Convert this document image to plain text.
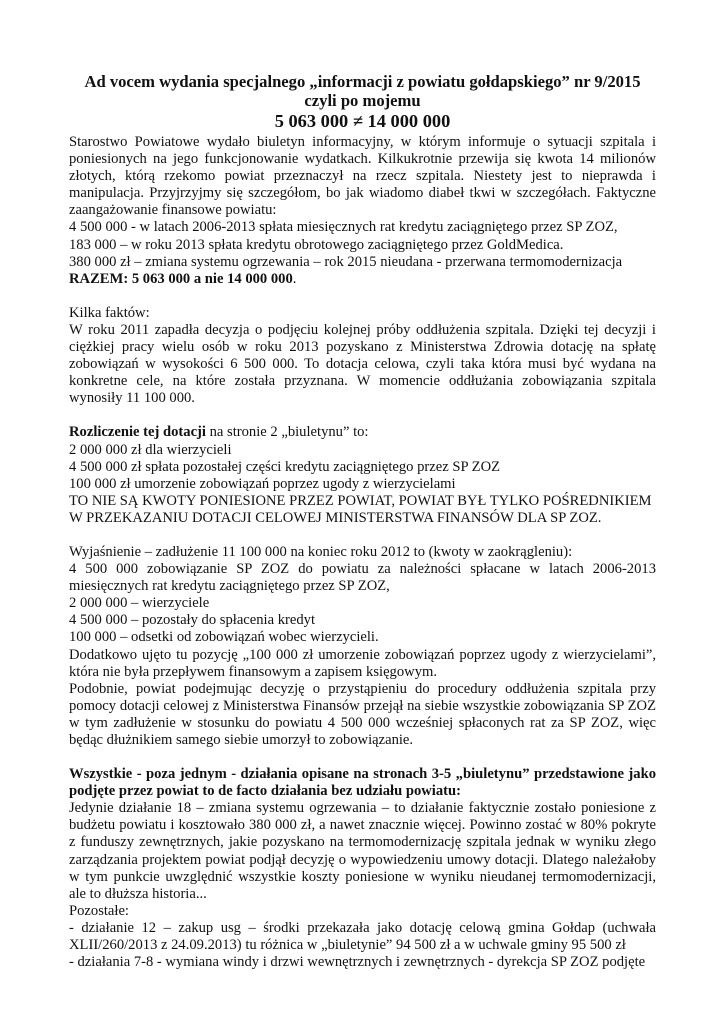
Ad vocem wydania specjalnego „informacji z powiatu gołdapskiego” nr 9/2015
czyli po mojemu
5 063 000 ≠ 14 000 000
Starostwo Powiatowe wydało biuletyn informacyjny, w którym informuje o sytuacji szpitala i poniesionych na jego funkcjonowanie wydatkach. Kilkukrotnie przewija się kwota 14 milionów złotych, którą rzekomo powiat przeznaczył na rzecz szpitala. Niestety jest to nieprawda i manipulacja. Przyjrzyjmy się szczegółom, bo jak wiadomo diabeł tkwi w szczegółach. Faktyczne zaangażowanie finansowe powiatu:
4 500 000 - w latach 2006-2013 spłata miesięcznych rat kredytu zaciągniętego przez SP ZOZ,
183 000 – w roku 2013 spłata kredytu obrotowego zaciągniętego przez GoldMedica.
380 000 zł – zmiana systemu ogrzewania – rok 2015 nieudana - przerwana termomodernizacja
RAZEM: 5 063 000 a nie 14 000 000.
Kilka faktów:
W roku 2011 zapadła decyzja o podjęciu kolejnej próby oddłużenia szpitala. Dzięki tej decyzji i ciężkiej pracy wielu osób w roku 2013 pozyskano z Ministerstwa Zdrowia dotację na spłatę zobowiązań w wysokości 6 500 000. To dotacja celowa, czyli taka która musi być wydana na konkretne cele, na które została przyznana. W momencie oddłużania zobowiązania szpitala wynosiły 11 100 000.
Rozliczenie tej dotacji na stronie 2 „biuletynu” to:
2 000 000 zł dla wierzycieli
4 500 000 zł spłata pozostałej części kredytu zaciągniętego przez SP ZOZ
100 000 zł umorzenie zobowiązań poprzez ugody z wierzycielami
TO NIE SĄ KWOTY PONIESIONE PRZEZ POWIAT, POWIAT BYŁ TYLKO POŚREDNIKIEM W PRZEKAZANIU DOTACJI CELOWEJ MINISTERSTWA FINANSÓW DLA SP ZOZ.
Wyjaśnienie – zadłużenie 11 100 000 na koniec roku 2012 to (kwoty w zaokrągleniu):
4 500 000 zobowiązanie SP ZOZ do powiatu za należności spłacane w latach 2006-2013 miesięcznych rat kredytu zaciągniętego przez SP ZOZ,
2 000 000 – wierzyciele
4 500 000 – pozostały do spłacenia kredyt
100 000 – odsetki od zobowiązań wobec wierzycieli.
Dodatkowo ujęto tu pozycję „100 000 zł umorzenie zobowiązań poprzez ugody z wierzycielami”, która nie była przepływem finansowym a zapisem księgowym.
Podobnie, powiat podejmując decyzję o przystąpieniu do procedury oddłużenia szpitala przy pomocy dotacji celowej z Ministerstwa Finansów przejął na siebie wszystkie zobowiązania SP ZOZ w tym zadłużenie w stosunku do powiatu 4 500 000 wcześniej spłaconych rat za SP ZOZ, więc będąc dłużnikiem samego siebie umorzył to zobowiązanie.
Wszystkie - poza jednym - działania opisane na stronach 3-5 „biuletynu” przedstawione jako podjęte przez powiat to de facto działania bez udziału powiatu:
Jedynie działanie 18 – zmiana systemu ogrzewania – to działanie faktycznie zostało poniesione z budżetu powiatu i kosztowało 380 000 zł, a nawet znacznie więcej. Powinno zostać w 80% pokryte z funduszy zewnętrznych, jakie pozyskano na termomodernizację szpitala jednak w wyniku złego zarządzania projektem powiat podjął decyzję o wypowiedzeniu umowy dotacji. Dlatego należałoby w tym punkcie uwzględnić wszystkie koszty poniesione w wyniku nieudanej termomodernizacji, ale to dłuższa historia...
Pozostałe:
- działanie 12 – zakup usg – środki przekazała jako dotację celową gmina Gołdap (uchwała XLII/260/2013 z 24.09.2013) tu różnica w „biuletynie” 94 500 zł a w uchwale gminy 95 500 zł
- działania 7-8 - wymiana windy i drzwi wewnętrznych i zewnętrznych - dyrekcja SP ZOZ podjęte
